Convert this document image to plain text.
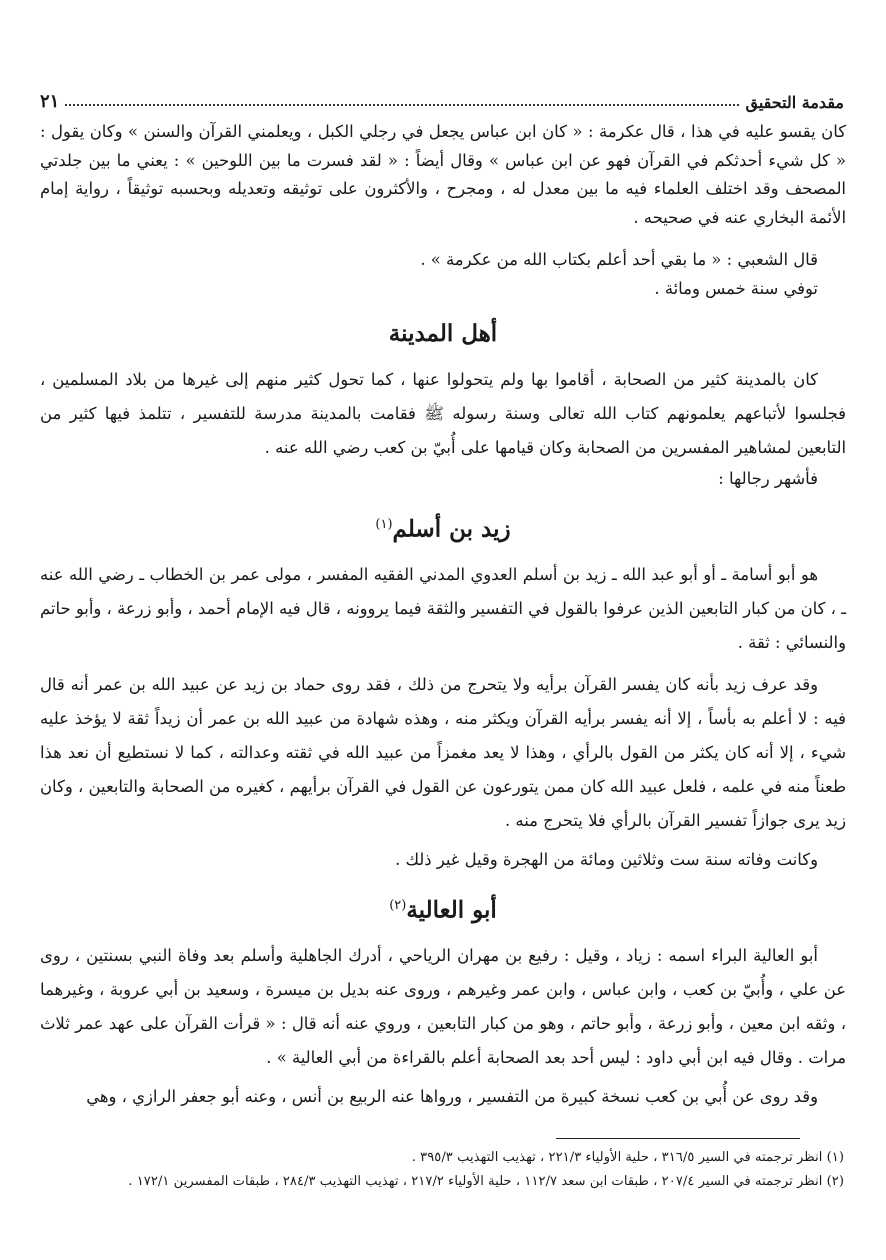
مقدمة التحقيق
٢١

كان يقسو عليه في هذا ، قال عكرمة : « كان ابن عباس يجعل في رجلي الكبل ، ويعلمني القرآن والسنن » وكان يقول : « كل شيء أحدثكم في القرآن فهو عن ابن عباس » وقال أيضاً : « لقد فسرت ما بين اللوحين » : يعني ما بين جلدتي المصحف وقد اختلف العلماء فيه ما بين معدل له ، ومجرح ، والأكثرون على توثيقه وتعديله وبحسبه توثيقاً ، رواية إمام الأئمة البخاري عنه في صحيحه .

قال الشعبي : « ما بقي أحد أعلم بكتاب الله من عكرمة » .

توفي سنة خمس ومائة .

أهل المدينة

كان بالمدينة كثير من الصحابة ، أقاموا بها ولم يتحولوا عنها ، كما تحول كثير منهم إلى غيرها من بلاد المسلمين ، فجلسوا لأتباعهم يعلمونهم كتاب الله تعالى وسنة رسوله ﷺ فقامت بالمدينة مدرسة للتفسير ، تتلمذ فيها كثير من التابعين لمشاهير المفسرين من الصحابة وكان قيامها على أُبيّ بن كعب رضي الله عنه .

فأشهر رجالها :

زيد بن أسلم$^{(١)}$

هو أبو أسامة ـ أو أبو عبد الله ـ زيد بن أسلم العدوي المدني الفقيه المفسر ، مولى عمر بن الخطاب ـ رضي الله عنه ـ ، كان من كبار التابعين الذين عرفوا بالقول في التفسير والثقة فيما يروونه ، قال فيه الإمام أحمد ، وأبو زرعة ، وأبو حاتم والنسائي : ثقة .

وقد عرف زيد بأنه كان يفسر القرآن برأيه ولا يتحرج من ذلك ، فقد روى حماد بن زيد عن عبيد الله بن عمر أنه قال فيه : لا أعلم به بأساً ، إلا أنه يفسر برأيه القرآن ويكثر منه ، وهذه شهادة من عبيد الله بن عمر أن زيداً ثقة لا يؤخذ عليه شيء ، إلا أنه كان يكثر من القول بالرأي ، وهذا لا يعد مغمزاً من عبيد الله في ثقته وعدالته ، كما لا نستطيع أن نعد هذا طعناً منه في علمه ، فلعل عبيد الله كان ممن يتورعون عن القول في القرآن برأيهم ، كغيره من الصحابة والتابعين ، وكان زيد يرى جوازاً تفسير القرآن بالرأي فلا يتحرج منه .

وكانت وفاته سنة ست وثلاثين ومائة من الهجرة وقيل غير ذلك .

أبو العالية$^{(٢)}$

أبو العالية البراء اسمه : زياد ، وقيل : رفيع بن مهران الرياحي ، أدرك الجاهلية وأسلم بعد وفاة النبي بسنتين ، روى عن علي ، وأُبيّ بن كعب ، وابن عباس ، وابن عمر وغيرهم ، وروى عنه بديل بن ميسرة ، وسعيد بن أبي عروبة ، وغيرهما ، وثقه ابن معين ، وأبو زرعة ، وأبو حاتم ، وهو من كبار التابعين ، وروي عنه أنه قال : « قرأت القرآن على عهد عمر ثلاث مرات . وقال فيه ابن أبي داود : ليس أحد بعد الصحابة أعلم بالقراءة من أبي العالية » .

وقد روى عن أُبي بن كعب نسخة كبيرة من التفسير ، ورواها عنه الربيع بن أنس ، وعنه أبو جعفر الرازي ، وهي

(١) انظر ترجمته في السير ٣١٦/٥ ، حلية الأولياء ٢٢١/٣ ، تهذيب التهذيب ٣٩٥/٣ .

(٢) انظر ترجمته في السير ٢٠٧/٤ ، طبقات ابن سعد ١١٢/٧ ، حلية الأولياء ٢١٧/٢ ، تهذيب التهذيب ٢٨٤/٣ ، طبقات المفسرين ١٧٢/١ .
